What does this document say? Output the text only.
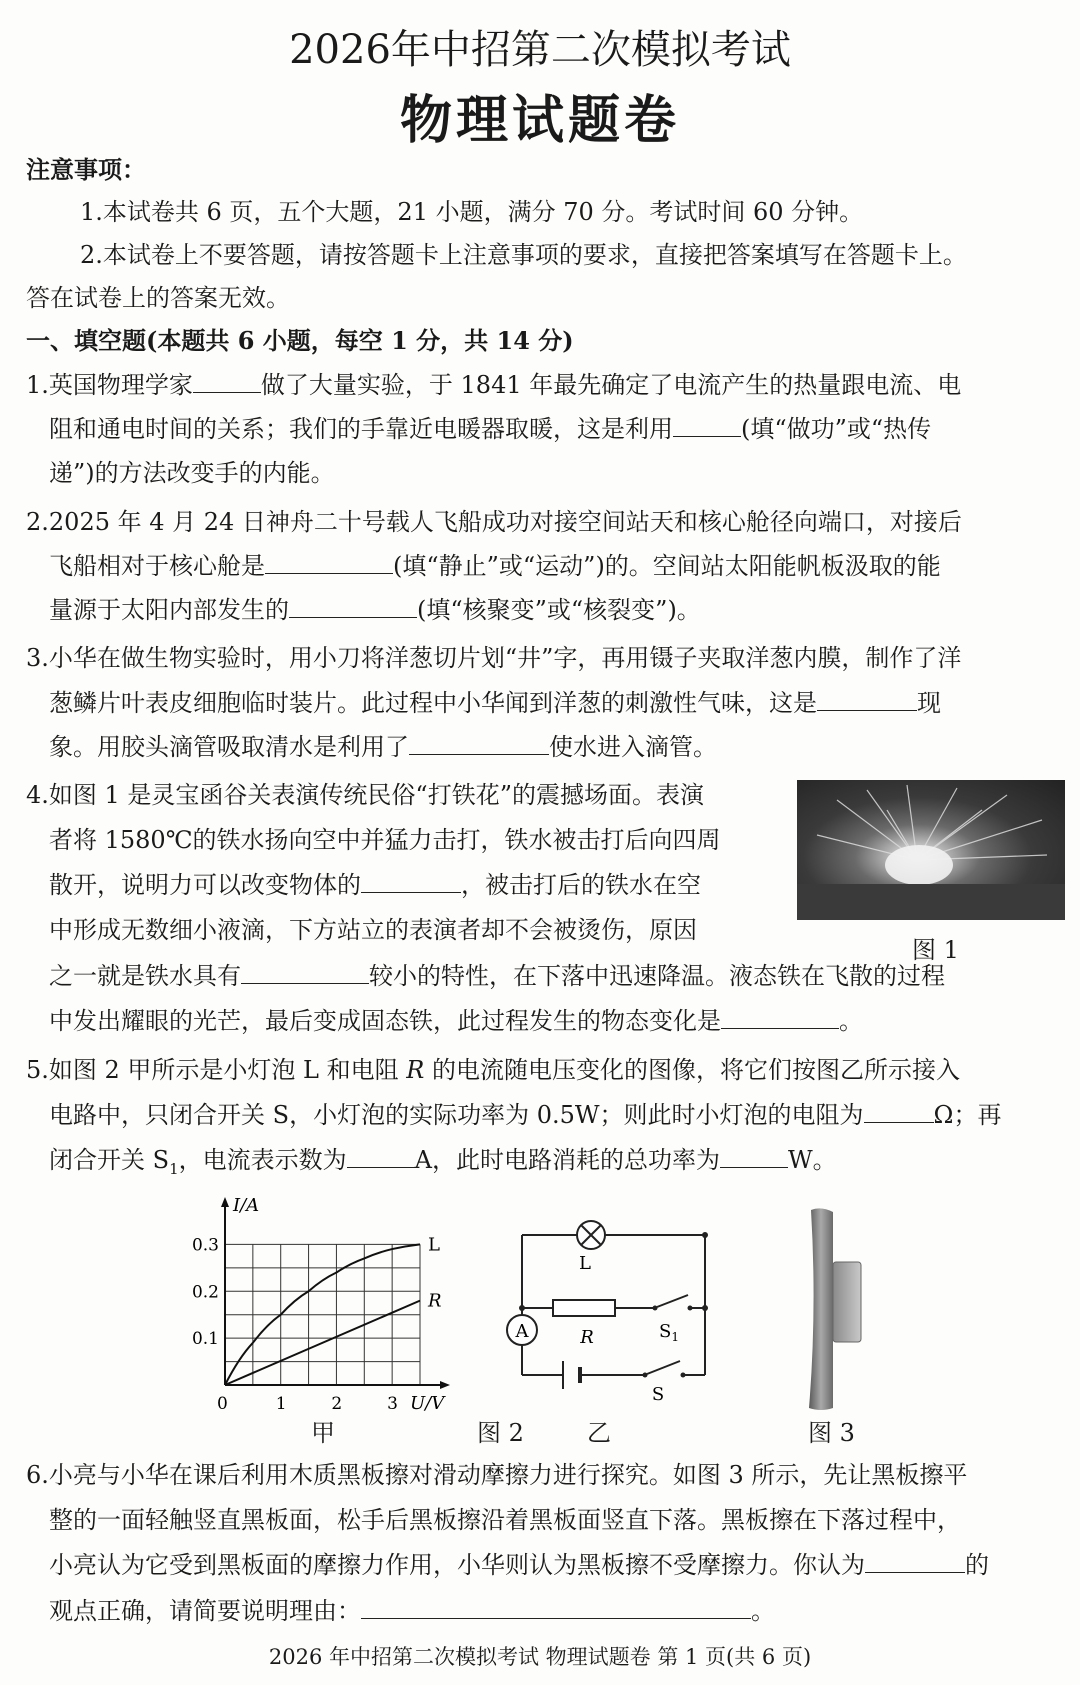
2026年中招第二次模拟考试
物理试题卷
注意事项：
1.本试卷共 6 页，五个大题，21 小题，满分 70 分。考试时间 60 分钟。
2.本试卷上不要答题，请按答题卡上注意事项的要求，直接把答案填写在答题卡上。
答在试卷上的答案无效。
一、填空题(本题共 6 小题，每空 1 分，共 14 分)
1.英国物理学家	做了大量实验，于 1841 年最先确定了电流产生的热量跟电流、电
阻和通电时间的关系；我们的手靠近电暖器取暖，这是利用	(填“做功”或“热传
递”)的方法改变手的内能。
2.2025 年 4 月 24 日神舟二十号载人飞船成功对接空间站天和核心舱径向端口，对接后
飞船相对于核心舱是	(填“静止”或“运动”)的。空间站太阳能帆板汲取的能
量源于太阳内部发生的	(填“核聚变”或“核裂变”)。
3.小华在做生物实验时，用小刀将洋葱切片划“井”字，再用镊子夹取洋葱内膜，制作了洋
葱鳞片叶表皮细胞临时装片。此过程中小华闻到洋葱的刺激性气味，这是	现
象。用胶头滴管吸取清水是利用了	使水进入滴管。
4.如图 1 是灵宝函谷关表演传统民俗“打铁花”的震撼场面。表演
者将 1580℃的铁水扬向空中并猛力击打，铁水被击打后向四周
散开，说明力可以改变物体的	，被击打后的铁水在空
中形成无数细小液滴，下方站立的表演者却不会被烫伤，原因
之一就是铁水具有	较小的特性，在下落中迅速降温。液态铁在飞散的过程
中发出耀眼的光芒，最后变成固态铁，此过程发生的物态变化是	。
图 1
5.如图 2 甲所示是小灯泡 L 和电阻 R 的电流随电压变化的图像，将它们按图乙所示接入
电路中，只闭合开关 S，小灯泡的实际功率为 0.5W；则此时小灯泡的电阻为	Ω；再
闭合开关 $S_1$，电流表示数为	A，此时电路消耗的总功率为	W。
L
R
0	1	2	3
0.1
0.2
0.3
U/V
I/A
甲
A
L
R	$S_1$
S
图 2	乙	图 3
6.小亮与小华在课后利用木质黑板擦对滑动摩擦力进行探究。如图 3 所示，先让黑板擦平
整的一面轻触竖直黑板面，松手后黑板擦沿着黑板面竖直下落。黑板擦在下落过程中，
小亮认为它受到黑板面的摩擦力作用，小华则认为黑板擦不受摩擦力。你认为	的
观点正确，请简要说明理由：	。
2026 年中招第二次模拟考试 物理试题卷 第 1 页(共 6 页)
